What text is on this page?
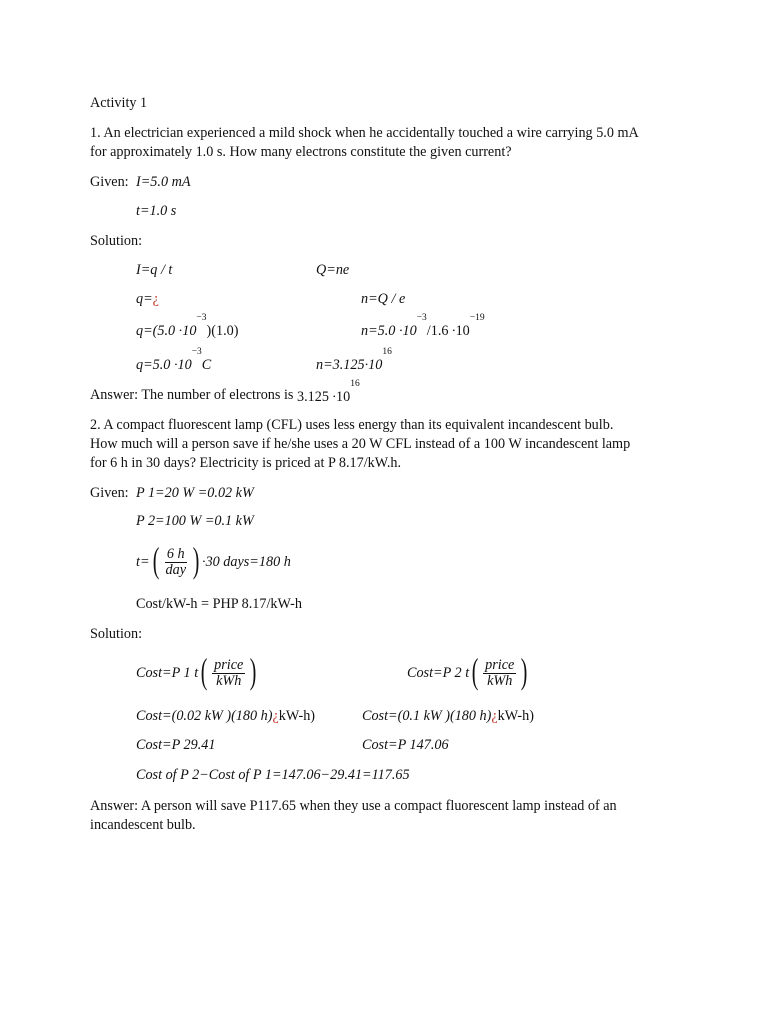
Activity 1
1. An electrician experienced a mild shock when he accidentally touched a wire carrying 5.0 mA
for approximately 1.0 s. How many electrons constitute the given current?
Given: I=5.0 mA
t=1.0 s
Solution:
I=q / t	Q=ne
q=¿	n=Q / e
$q=(5.0 \cdot 10^{-3})(1.0)$	$n=5.0 \cdot 10^{-3}/1.6 \cdot 10^{-19}$
$q=5.0 \cdot 10^{-3}C$	$n=3.125\cdot 10^{16}$
Answer: The number of electrons is $3.125 \cdot 10^{16}$
2. A compact fluorescent lamp (CFL) uses less energy than its equivalent incandescent bulb.
How much will a person save if he/she uses a 20 W CFL instead of a 100 W incandescent lamp
for 6 h in 30 days? Electricity is priced at P 8.17/kW.h.
Given: P 1=20 W =0.02 kW
P 2=100 W =0.1 kW
t= ( $\frac{6 h}{\text{day}}$ ) ∙30 days=180 h
Cost/kW-h = PHP 8.17/kW-h
Solution:
Cost=P 1 t ( $\frac{\text{price}}{\text{kWh}}$ )	Cost=P 2 t ( $\frac{\text{price}}{\text{kWh}}$ )
Cost=(0.02 kW )(180 h)¿kW-h)	Cost=(0.1 kW )(180 h)¿kW-h)
Cost=P 29.41	Cost=P 147.06
Cost of P 2−Cost of P 1=147.06−29.41=117.65
Answer: A person will save P117.65 when they use a compact fluorescent lamp instead of an
incandescent bulb.
